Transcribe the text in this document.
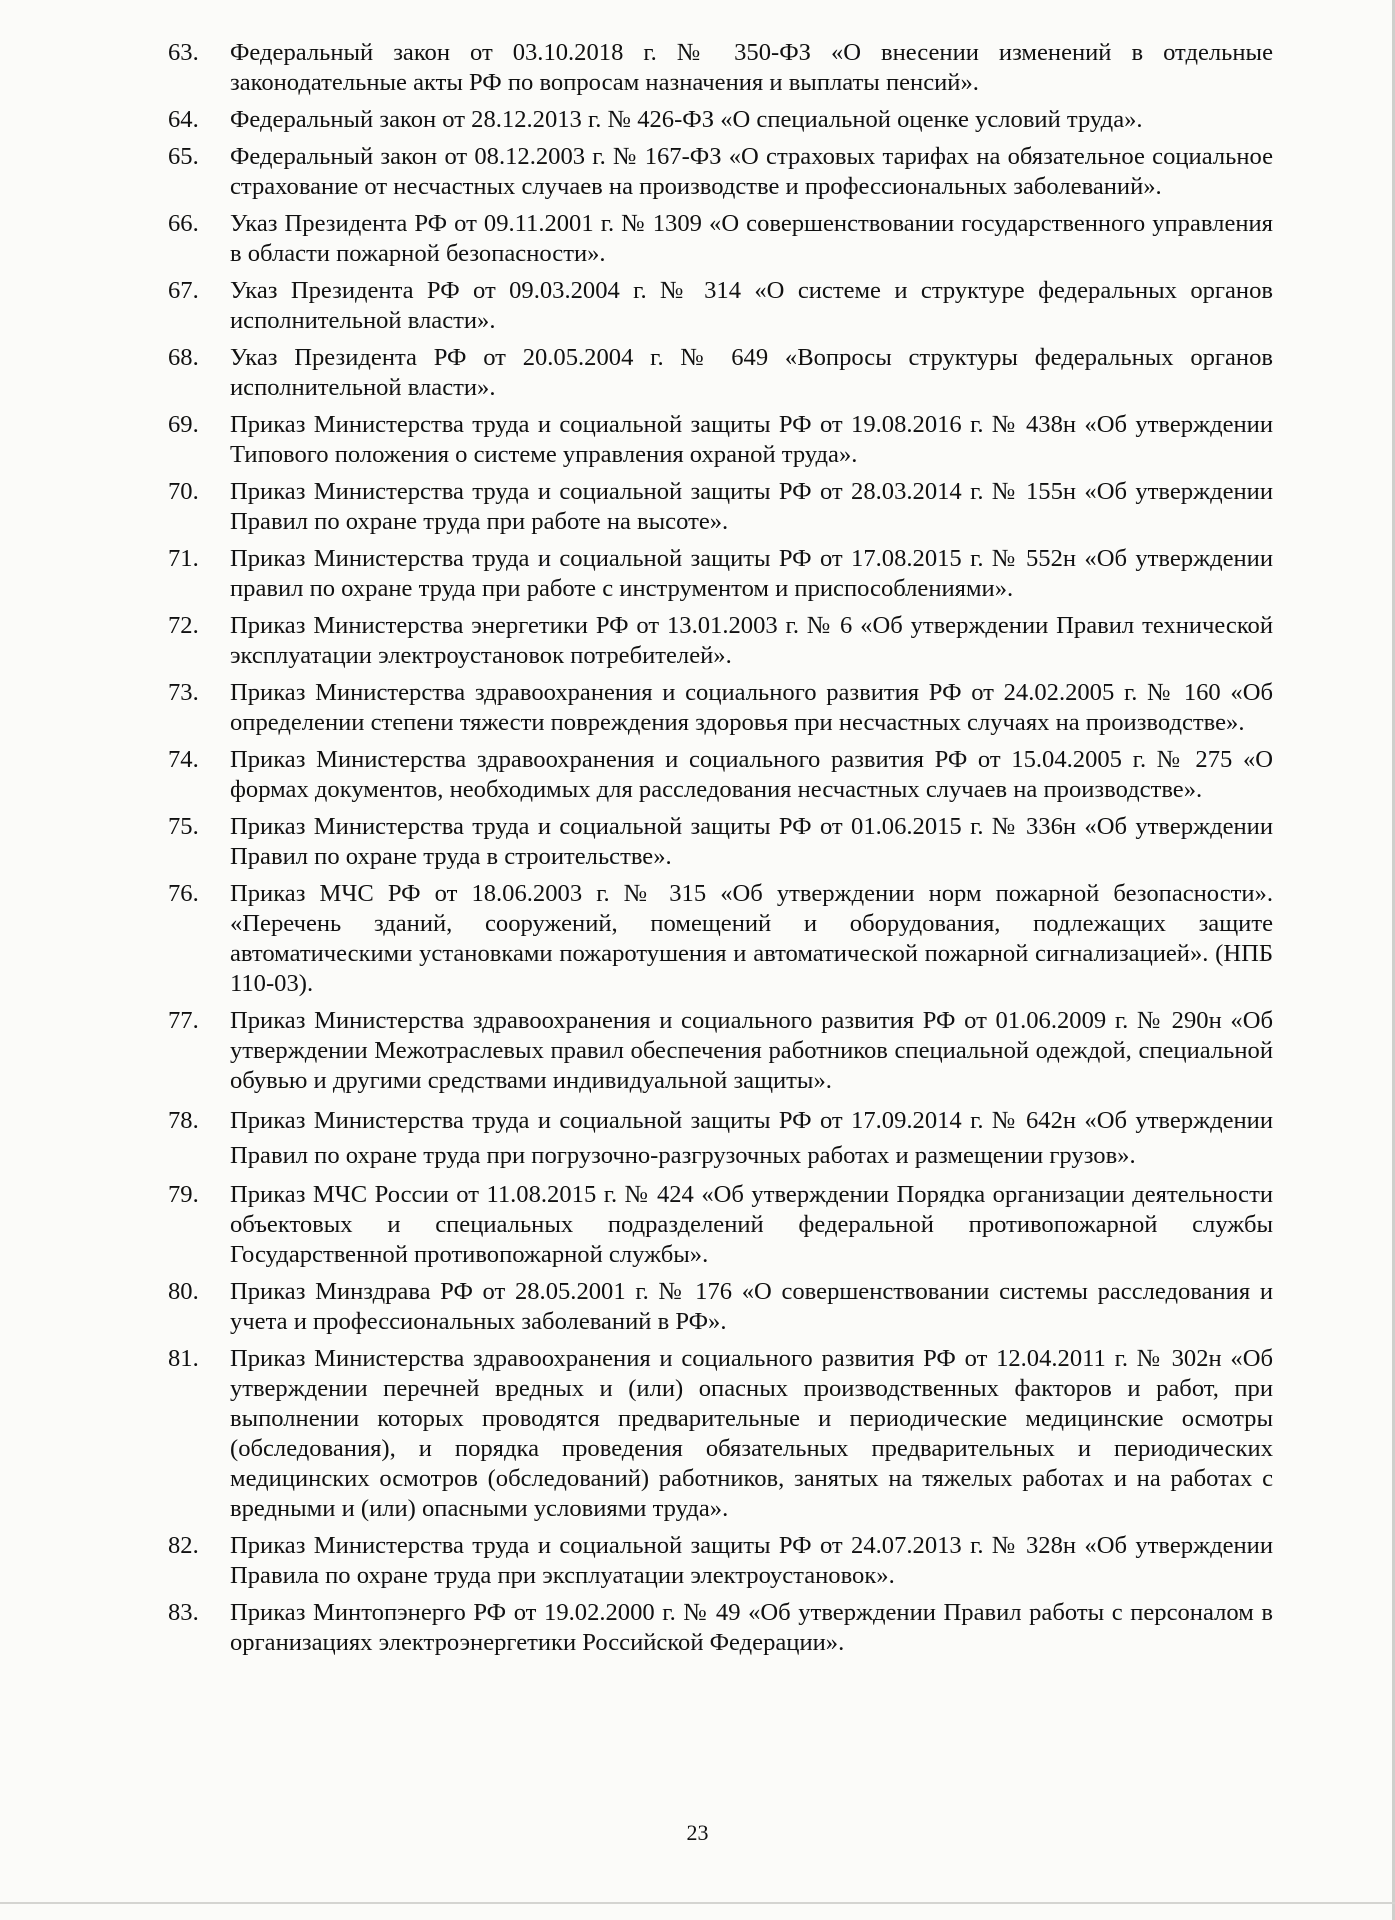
63.	Федеральный закон от 03.10.2018 г. № 350-ФЗ «О внесении изменений в отдельные законодательные акты РФ по вопросам назначения и выплаты пенсий».
64.	Федеральный закон от 28.12.2013 г. № 426-ФЗ «О специальной оценке условий труда».
65.	Федеральный закон от 08.12.2003 г. № 167-ФЗ «О страховых тарифах на обязательное социальное страхование от несчастных случаев на производстве и профессиональных заболеваний».
66.	Указ Президента РФ от 09.11.2001 г. № 1309 «О совершенствовании государственного управления в области пожарной безопасности».
67.	Указ Президента РФ от 09.03.2004 г. № 314 «О системе и структуре федеральных органов исполнительной власти».
68.	Указ Президента РФ от 20.05.2004 г. № 649 «Вопросы структуры федеральных органов исполнительной власти».
69.	Приказ Министерства труда и социальной защиты РФ от 19.08.2016 г. № 438н «Об утверждении Типового положения о системе управления охраной труда».
70.	Приказ Министерства труда и социальной защиты РФ от 28.03.2014 г. № 155н «Об утверждении Правил по охране труда при работе на высоте».
71.	Приказ Министерства труда и социальной защиты РФ от 17.08.2015 г. № 552н «Об утверждении правил по охране труда при работе с инструментом и приспособлениями».
72.	Приказ Министерства энергетики РФ от 13.01.2003 г. № 6 «Об утверждении Правил технической эксплуатации электроустановок потребителей».
73.	Приказ Министерства здравоохранения и социального развития РФ от 24.02.2005 г. № 160 «Об определении степени тяжести повреждения здоровья при несчастных случаях на производстве».
74.	Приказ Министерства здравоохранения и социального развития РФ от 15.04.2005 г. № 275 «О формах документов, необходимых для расследования несчастных случаев на производстве».
75.	Приказ Министерства труда и социальной защиты РФ от 01.06.2015 г. № 336н «Об утверждении Правил по охране труда в строительстве».
76.	Приказ МЧС РФ от 18.06.2003 г. № 315 «Об утверждении норм пожарной безопасности». «Перечень зданий, сооружений, помещений и оборудования, подлежащих защите автоматическими установками пожаротушения и автоматической пожарной сигнализацией». (НПБ 110-03).
77.	Приказ Министерства здравоохранения и социального развития РФ от 01.06.2009 г. № 290н «Об утверждении Межотраслевых правил обеспечения работников специальной одеждой, специальной обувью и другими средствами индивидуальной защиты».
78.	Приказ Министерства труда и социальной защиты РФ от 17.09.2014 г. № 642н «Об утверждении Правил по охране труда при погрузочно-разгрузочных работах и размещении грузов».
79.	Приказ МЧС России от 11.08.2015 г. № 424 «Об утверждении Порядка организации деятельности объектовых и специальных подразделений федеральной противопожарной службы Государственной противопожарной службы».
80.	Приказ Минздрава РФ от 28.05.2001 г. № 176 «О совершенствовании системы расследования и учета и профессиональных заболеваний в РФ».
81.	Приказ Министерства здравоохранения и социального развития РФ от 12.04.2011 г. № 302н «Об утверждении перечней вредных и (или) опасных производственных факторов и работ, при выполнении которых проводятся предварительные и периодические медицинские осмотры (обследования), и порядка проведения обязательных предварительных и периодических медицинских осмотров (обследований) работников, занятых на тяжелых работах и на работах с вредными и (или) опасными условиями труда».
82.	Приказ Министерства труда и социальной защиты РФ от 24.07.2013 г. № 328н «Об утверждении Правила по охране труда при эксплуатации электроустановок».
83.	Приказ Минтопэнерго РФ от 19.02.2000 г. № 49 «Об утверждении Правил работы с персоналом в организациях электроэнергетики Российской Федерации».
23
